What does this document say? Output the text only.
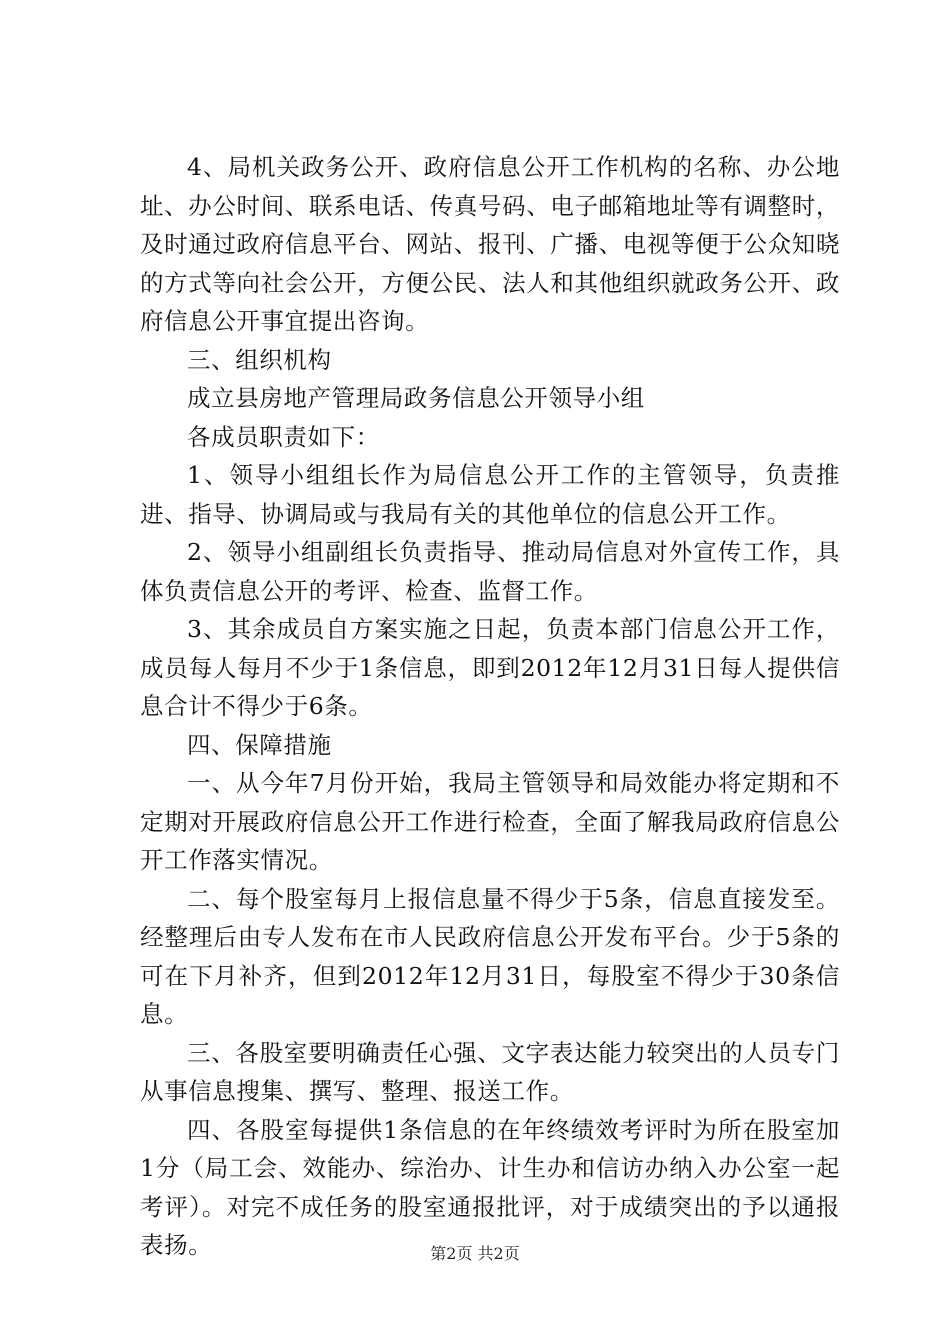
4、局机关政务公开、政府信息公开工作机构的名称、办公地址、办公时间、联系电话、传真号码、电子邮箱地址等有调整时，及时通过政府信息平台、网站、报刊、广播、电视等便于公众知晓的方式等向社会公开，方便公民、法人和其他组织就政务公开、政府信息公开事宜提出咨询。

三、组织机构

成立县房地产管理局政务信息公开领导小组

各成员职责如下：

1、领导小组组长作为局信息公开工作的主管领导，负责推进、指导、协调局或与我局有关的其他单位的信息公开工作。

2、领导小组副组长负责指导、推动局信息对外宣传工作，具体负责信息公开的考评、检查、监督工作。

3、其余成员自方案实施之日起，负责本部门信息公开工作，成员每人每月不少于1条信息，即到2012年12月31日每人提供信息合计不得少于6条。

四、保障措施

一、从今年7月份开始，我局主管领导和局效能办将定期和不定期对开展政府信息公开工作进行检查，全面了解我局政府信息公开工作落实情况。

二、每个股室每月上报信息量不得少于5条，信息直接发至。经整理后由专人发布在市人民政府信息公开发布平台。少于5条的可在下月补齐，但到2012年12月31日，每股室不得少于30条信息。

三、各股室要明确责任心强、文字表达能力较突出的人员专门从事信息搜集、撰写、整理、报送工作。

四、各股室每提供1条信息的在年终绩效考评时为所在股室加1分（局工会、效能办、综治办、计生办和信访办纳入办公室一起考评）。对完不成任务的股室通报批评，对于成绩突出的予以通报表扬。	第2页 共2页
